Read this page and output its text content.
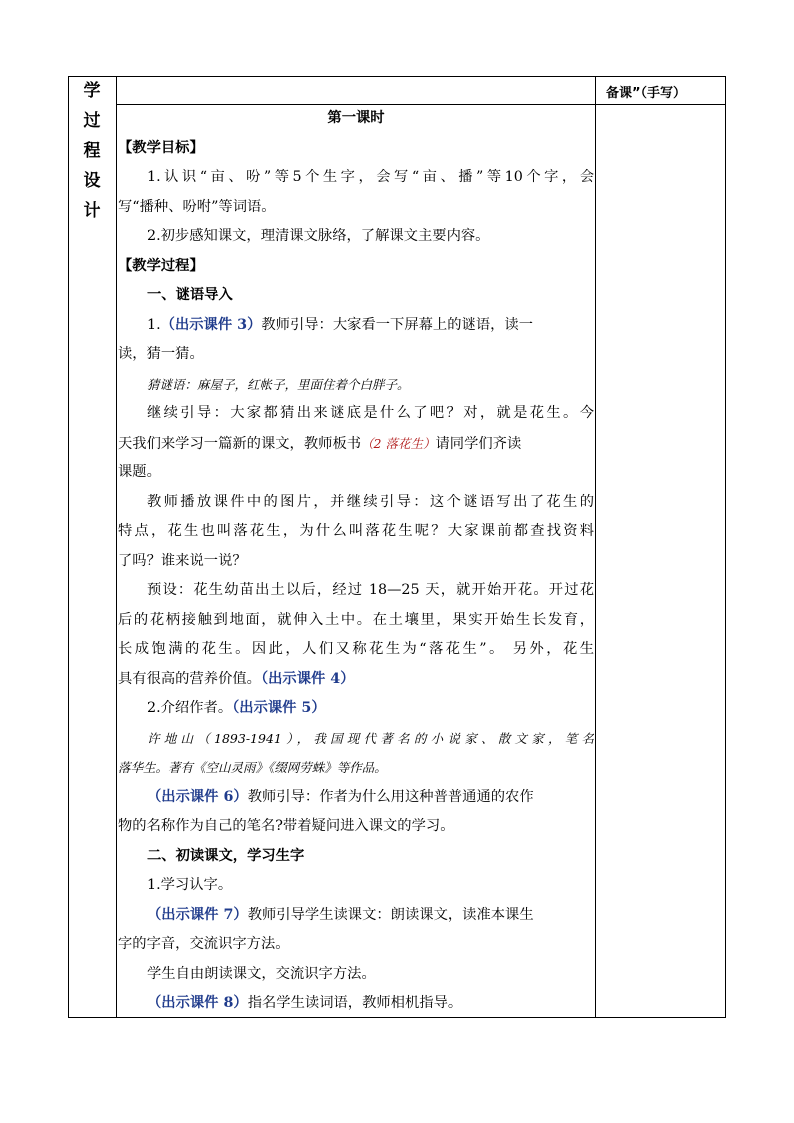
学
过
程
设
计
备课”（手写）
第一课时
【教学目标】
1.认识“亩、吩”等5个生字，会写“亩、播”等10个字，会
写“播种、吩咐”等词语。
2.初步感知课文，理清课文脉络，了解课文主要内容。
【教学过程】
一、谜语导入
1.（出示课件 3）教师引导：大家看一下屏幕上的谜语，读一
读，猜一猜。
猜谜语：麻屋子，红帐子，里面住着个白胖子。
继续引导：大家都猜出来谜底是什么了吧？对，就是花生。今
天我们来学习一篇新的课文，教师板书（2 落花生）请同学们齐读
课题。
教师播放课件中的图片，并继续引导：这个谜语写出了花生的
特点，花生也叫落花生，为什么叫落花生呢？大家课前都查找资料
了吗？谁来说一说？
预设：花生幼苗出土以后，经过 18—25 天，就开始开花。开过花
后的花柄接触到地面，就伸入土中。在土壤里，果实开始生长发育，
长成饱满的花生。因此，人们又称花生为“落花生”。 另外，花生
具有很高的营养价值。（出示课件 4）
2.介绍作者。（出示课件 5）
许地山（1893-1941），我国现代著名的小说家、散文家，笔名
落华生。著有《空山灵雨》《缀网劳蛛》等作品。
（出示课件 6）教师引导：作者为什么用这种普普通通的农作
物的名称作为自己的笔名?带着疑问进入课文的学习。
二、初读课文，学习生字
1.学习认字。
（出示课件 7）教师引导学生读课文：朗读课文，读准本课生
字的字音，交流识字方法。
学生自由朗读课文，交流识字方法。
（出示课件 8）指名学生读词语，教师相机指导。
